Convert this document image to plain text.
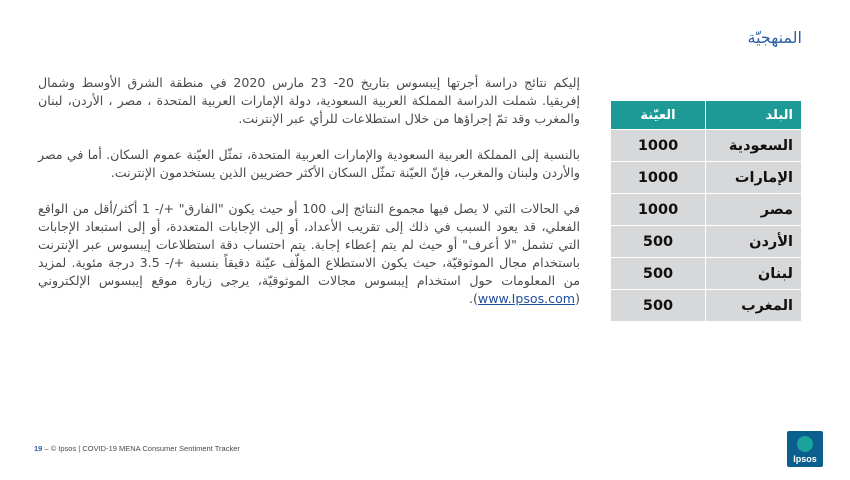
المنهجيّة

إليكم نتائج دراسة أجرتها إيبسوس بتاريخ 20- 23 مارس 2020 في منطقة الشرق الأوسط وشمال إفريقيا. شملت الدراسة المملكة العربية السعودية، دولة الإمارات العربية المتحدة ، مصر ، الأردن، لبنان والمغرب وقد تمّ إجراؤها من خلال استطلاعات للرأي عبر الإنترنت.

بالنسبة إلى المملكة العربية السعودية والإمارات العربية المتحدة، تمثّل العيّنة عموم السكان. أما في مصر والأردن ولبنان والمغرب، فإنّ العيّنة تمثّل السكان الأكثر حضريين الذين يستخدمون الإنترنت.

في الحالات التي لا يصل فيها مجموع النتائج إلى 100 أو حيث يكون "الفارق" +/- 1 أكثر/أقل من الواقع الفعلي، قد يعود السبب في ذلك إلى تقريب الأعداد، أو إلى الإجابات المتعددة، أو إلى استبعاد الإجابات التي تشمل "لا أعرف" أو حيث لم يتم إعطاء إجابة. يتم احتساب دقة استطلاعات إيبسوس عبر الإنترنت باستخدام مجال الموثوقيّة، حيث يكون الاستطلاع المؤلّف عيّنة دقيقاً بنسبة +/- 3.5 درجة مئوية. لمزيد من المعلومات حول استخدام إيبسوس مجالات الموثوقيّة، يرجى زيارة موقع إيبسوس الإلكتروني (www.Ipsos.com).

البلد	العيّنة
السعودية	1000
الإمارات	1000
مصر	1000
الأردن	500
لبنان	500
المغرب	500
19 – © Ipsos | COVID-19 MENA Consumer Sentiment Tracker
Ipsos
